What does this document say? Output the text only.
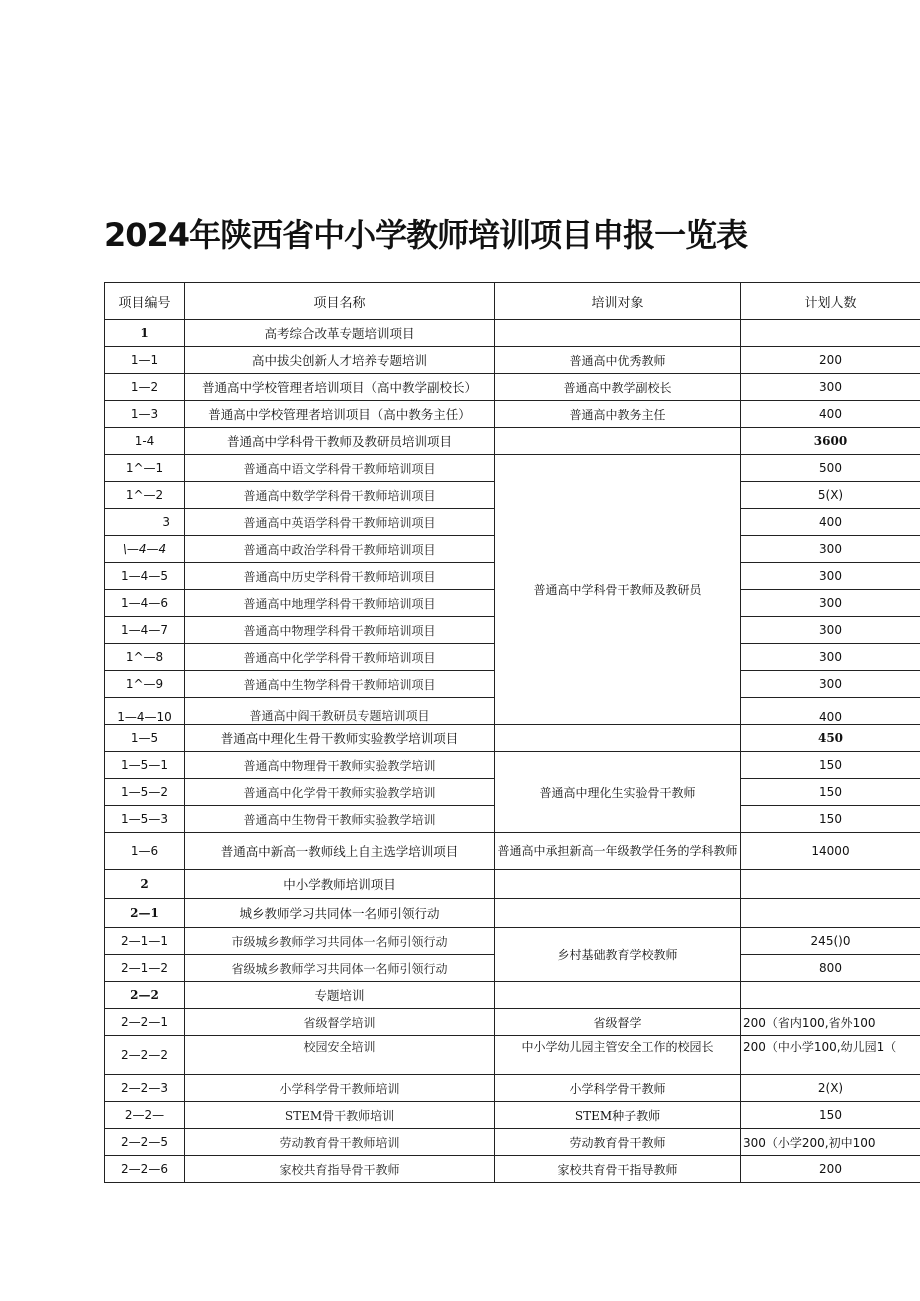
2024年陕西省中小学教师培训项目申报一览表
项目编号	项目名称	培训对象	计划人数
1	高考综合改革专题培训项目		
1—1	高中拔尖创新人才培养专题培训	普通高中优秀教师	200
1—2	普通高中学校管理者培训项目（高中教学副校长）	普通高中教学副校长	300
1—3	普通高中学校管理者培训项目（高中教务主任）	普通高中教务主任	400
1-4	普通高中学科骨干教师及教研员培训项目		3600
1^—1	普通高中语文学科骨干教师培训项目	普通高中学科骨干教师及教研员	500
1^—2	普通高中数学学科骨干教师培训项目		5(X)
3	普通高中英语学科骨干教师培训项目		400
\—4—4	普通高中政治学科骨干教师培训项目		300
1—4—5	普通高中历史学科骨干教师培训项目		300
1—4—6	普通高中地理学科骨干教师培训项目		300
1—4—7	普通高中物理学科骨干教师培训项目		300
1^—8	普通高中化学学科骨干教师培训项目		300
1^—9	普通高中生物学科骨干教师培训项目		300
1—4—10	普通高中阎干教研员专题培训项目		400
1—5	普通高中理化生骨干教师实验教学培训项目		450
1—5—1	普通高中物理骨干教师实验教学培训	普通高中理化生实验骨干教师	150
1—5—2	普通高中化学骨干教师实验教学培训		150
1—5—3	普通高中生物骨干教师实验教学培训		150
1—6	普通高中新高一教师线上自主选学培训项目	普通高中承担新高一年级教学任务的学科教师	14000
2	中小学教师培训项目		
2—1	城乡教师学习共同体一名师引领行动		
2—1—1	市级城乡教师学习共同体一名师引领行动	乡村基础教育学校教师	245()0
2—1—2	省级城乡教师学习共同体一名师引领行动		800
2—2	专题培训		
2—2—1	省级督学培训	省级督学	200（省内100,省外100
2—2—2	校园安全培训	中小学幼儿园主管安全工作的校园长	200（中小学100,幼儿园1（
2—2—3	小学科学骨干教师培训	小学科学骨干教师	2(X)
2—2—	STEM骨干教师培训	STEM种子教师	150
2—2—5	劳动教育骨干教师培训	劳动教育骨干教师	300（小学200,初中100
2—2—6	家校共育指导骨干教师	家校共育骨干指导教师	200
